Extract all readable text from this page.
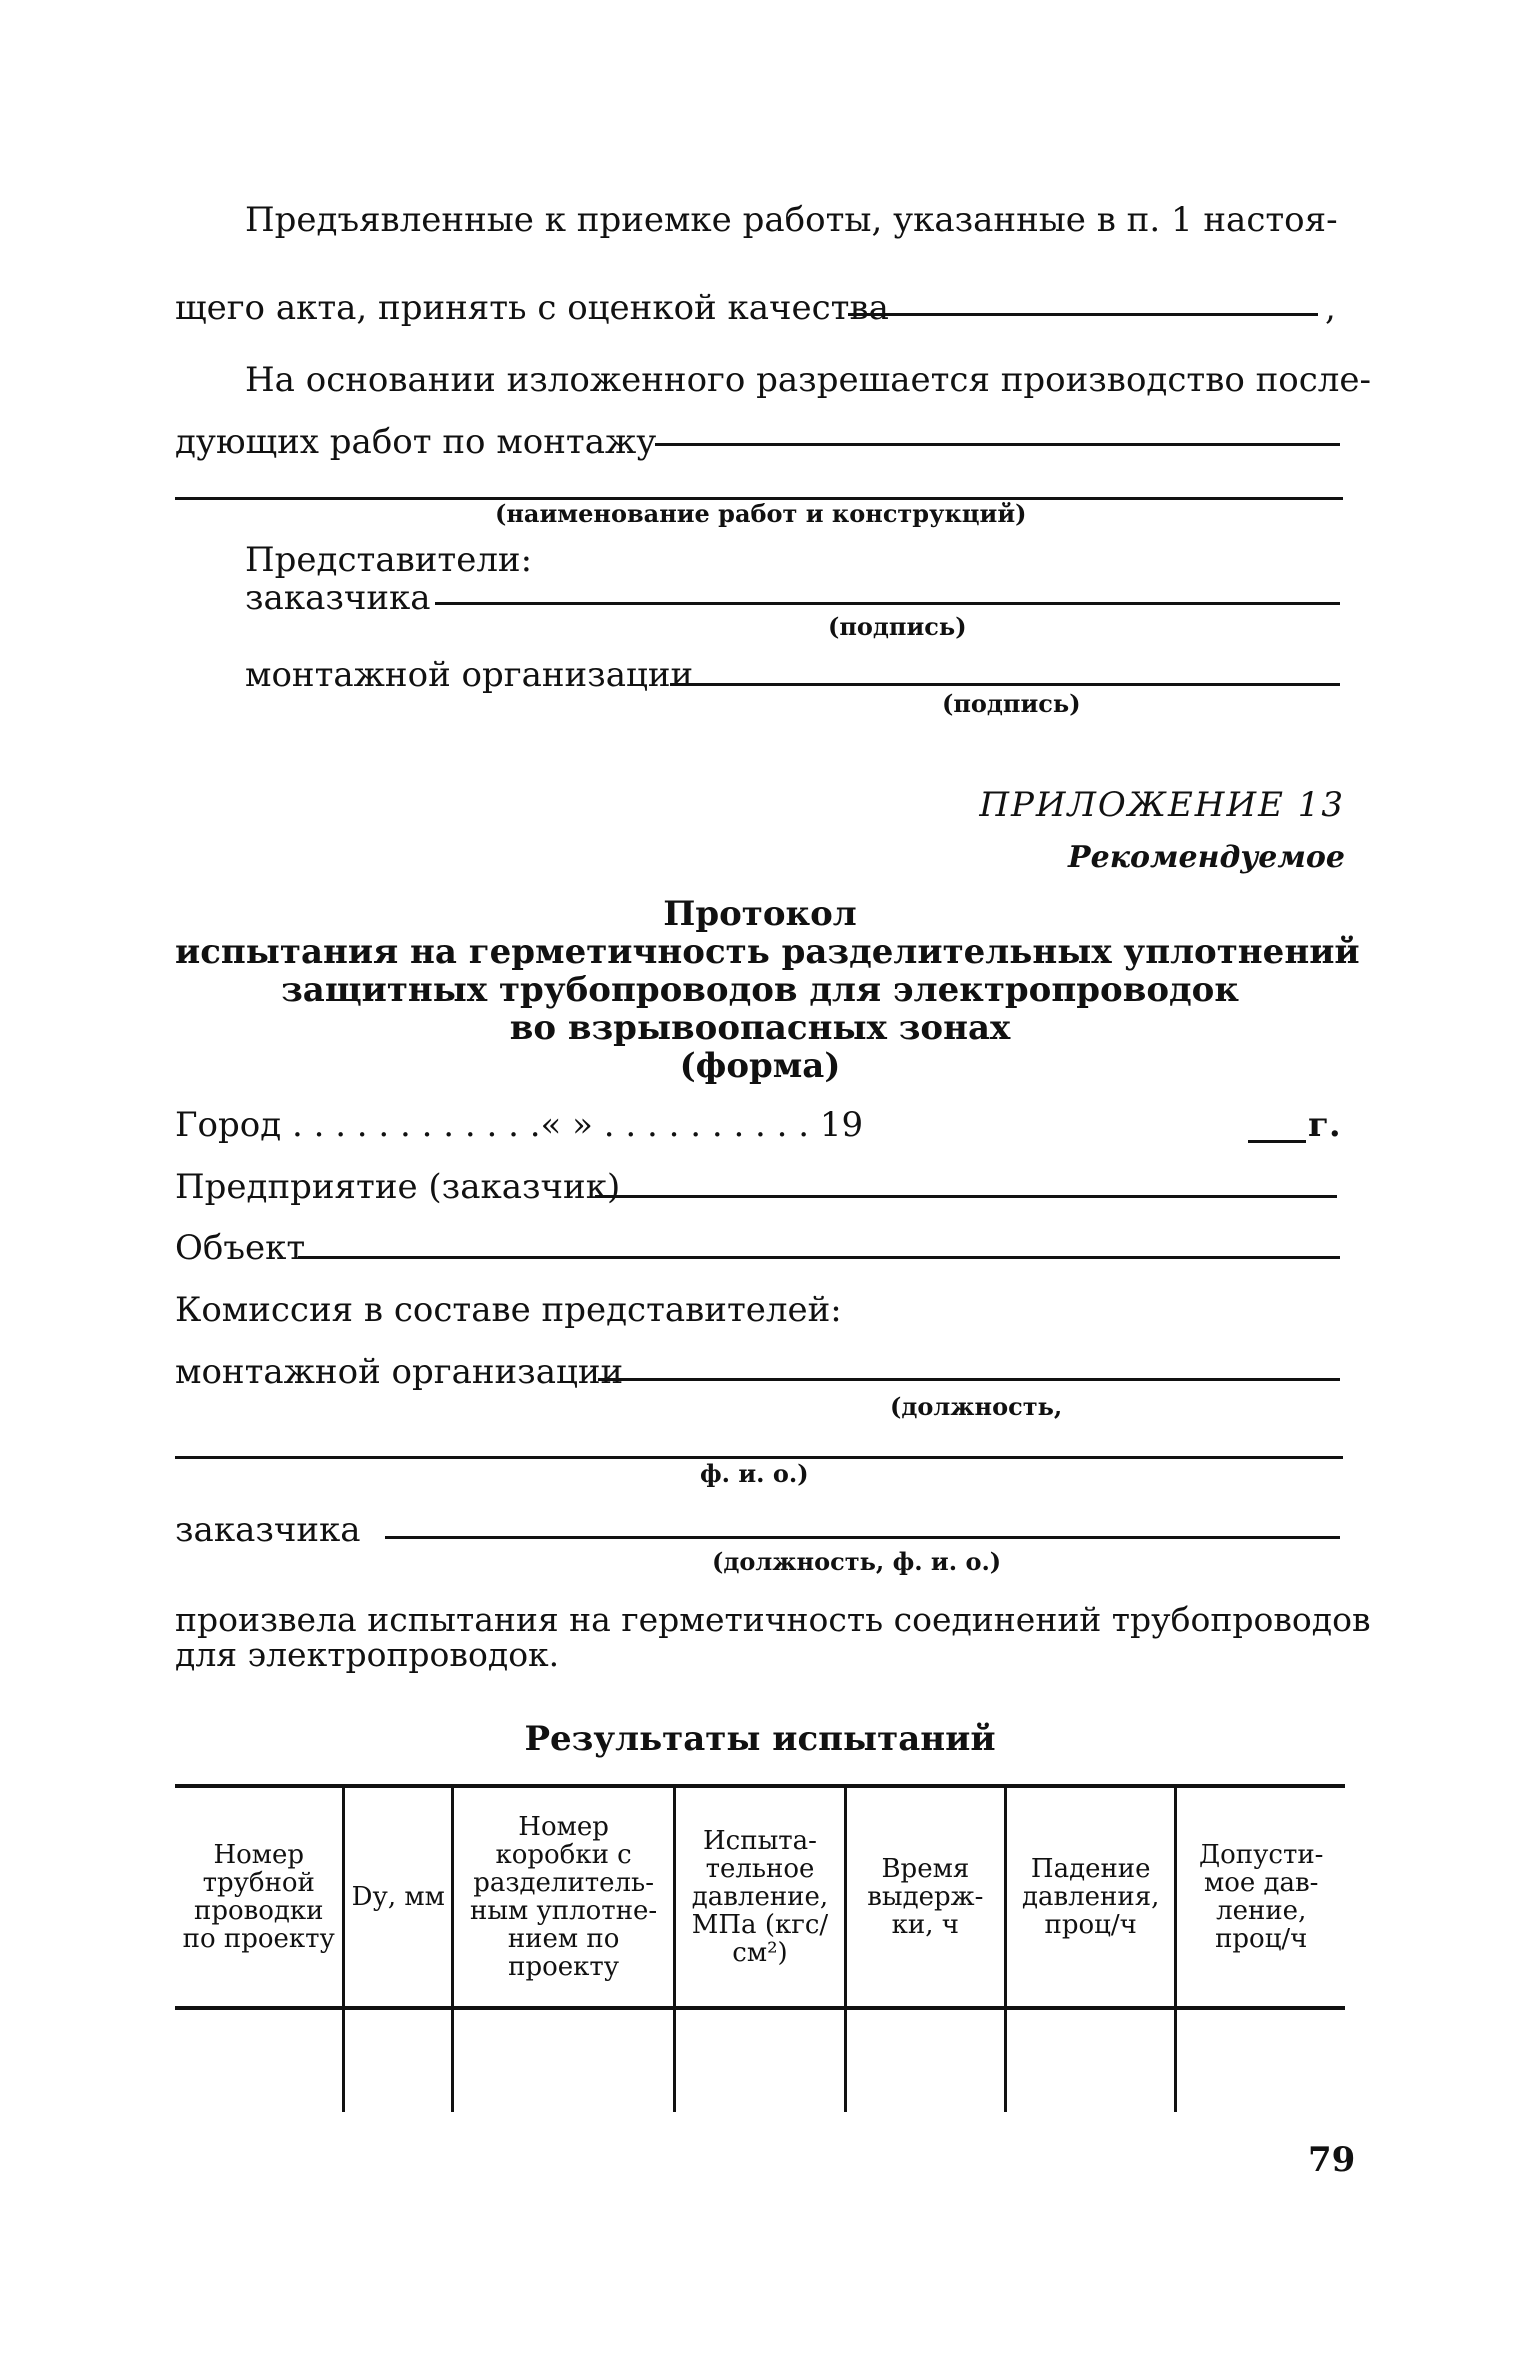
Предъявленные к приемке работы, указанные в п. 1 настоя-
щего акта, принять с оценкой качества	,
На основании изложенного разрешается производство после-
дующих работ по монтажу
(наименование работ и конструкций)
Представители:
заказчика
(подпись)
монтажной организации
(подпись)
ПРИЛОЖЕНИЕ 13
Рекомендуемое
Протокол
испытания на герметичность разделительных уплотнений
защитных трубопроводов для электропроводок
во взрывоопасных зонах
(форма)
Город . . . . . . . . . . . .« » . . . . . . . . . . 19	г.
Предприятие (заказчик)
Объект
Комиссия в составе представителей:
монтажной организации
(должность,
ф. и. о.)
заказчика
(должность, ф. и. о.)
произвела испытания на герметичность соединений трубопроводов
для электропроводок.
Результаты испытаний
Номер трубной проводки по проекту	Dу, мм	Номер коробки с разделитель- ным уплотне- нием по проекту	Испыта- тельное давление, МПа (кгс/см²)	Время выдерж- ки, ч	Падение давления, проц/ч	Допусти- мое дав- ление, проц/ч

79
